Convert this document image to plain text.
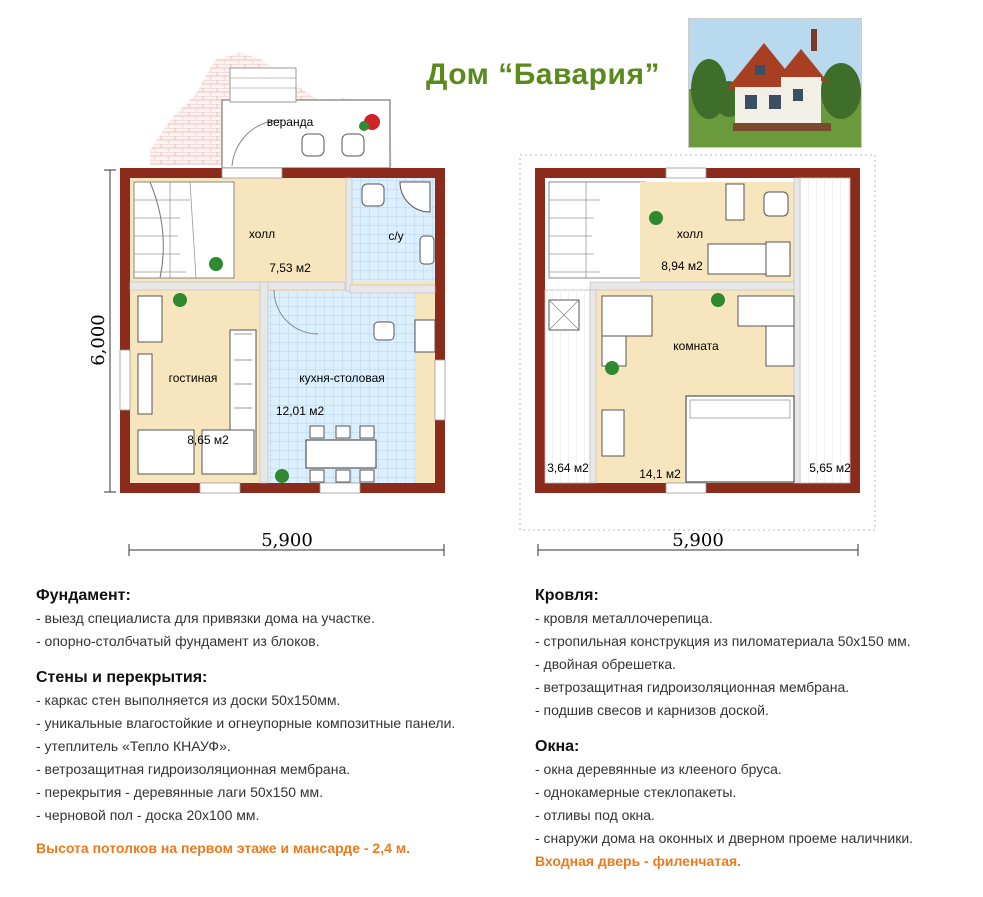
Дом “Бавария”
веранда
холл
7,53 м2
с/у
гостиная
8,65 м2
кухня-столовая
12,01 м2
5,900
6,000
холл
8,94 м2
комната
14,1 м2
3,64 м2	5,65 м2
5,900
Фундамент:
- выезд специалиста для привязки дома на участке.
- опорно-столбчатый фундамент из блоков.
Стены и перекрытия:
- каркас стен выполняется из доски 50х150мм.
- уникальные влагостойкие и огнеупорные композитные панели.
- утеплитель «Тепло КНАУФ».
- ветрозащитная гидроизоляционная мембрана.
- перекрытия - деревянные лаги 50х150 мм.
- черновой пол - доска 20х100 мм.
Высота потолков на первом этаже и мансарде - 2,4 м.
Кровля:
- кровля металлочерепица.
- стропильная конструкция из пиломатериала 50х150 мм.
- двойная обрешетка.
- ветрозащитная гидроизоляционная мембрана.
- подшив свесов и карнизов доской.
Окна:
- окна деревянные из клееного бруса.
- однокамерные стеклопакеты.
- отливы под окна.
- снаружи дома на оконных и дверном проеме наличники.
Входная дверь - филенчатая.
